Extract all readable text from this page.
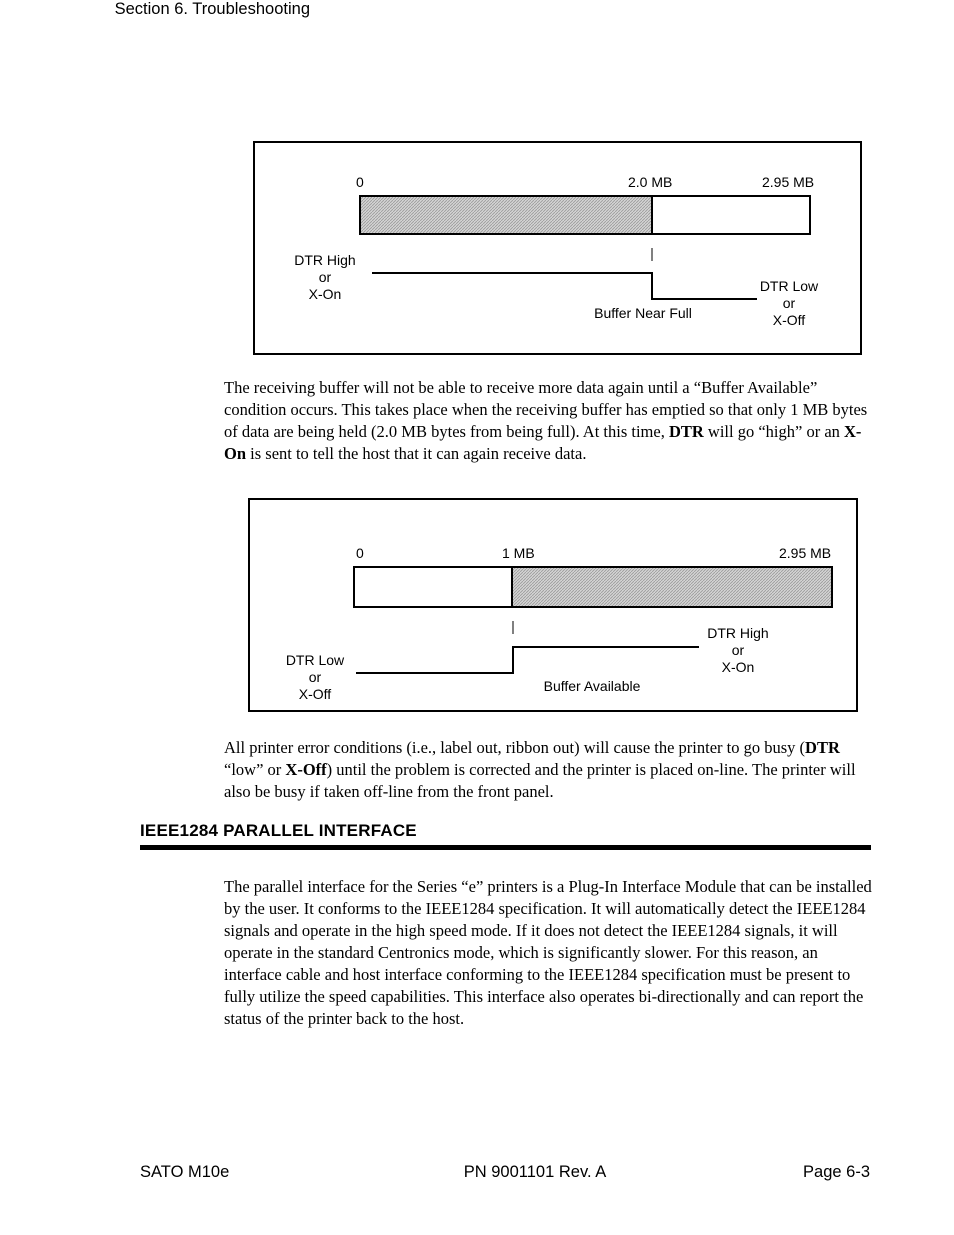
Section 6. Troubleshooting
0	2.0 MB	2.95 MB
DTR High
or
X-On	DTR Low
or
X-Off
Buffer Near Full

The receiving buffer will not be able to receive more data again until a “Buffer Available” condition occurs. This takes place when the receiving buffer has emptied so that only 1 MB bytes of data are being held (2.0 MB bytes from being full). At this time, DTR will go “high” or an X-On is sent to tell the host that it can again receive data.

0	1 MB	2.95 MB
DTR Low
or
X-Off
DTR High
or
X-On
Buffer Available

All printer error conditions (i.e., label out, ribbon out) will cause the printer to go busy (DTR “low” or X-Off) until the problem is corrected and the printer is placed on-line. The printer will also be busy if taken off-line from the front panel.

IEEE1284 PARALLEL INTERFACE

The parallel interface for the Series “e” printers is a Plug-In Interface Module that can be installed by the user. It conforms to the IEEE1284 specification. It will automatically detect the IEEE1284 signals and operate in the high speed mode. If it does not detect the IEEE1284 signals, it will operate in the standard Centronics mode, which is significantly slower. For this reason, an interface cable and host interface conforming to the IEEE1284 specification must be present to fully utilize the speed capabilities. This interface also operates bi-directionally and can report the status of the printer back to the host.

SATO M10e	PN 9001101 Rev. A	Page 6-3
